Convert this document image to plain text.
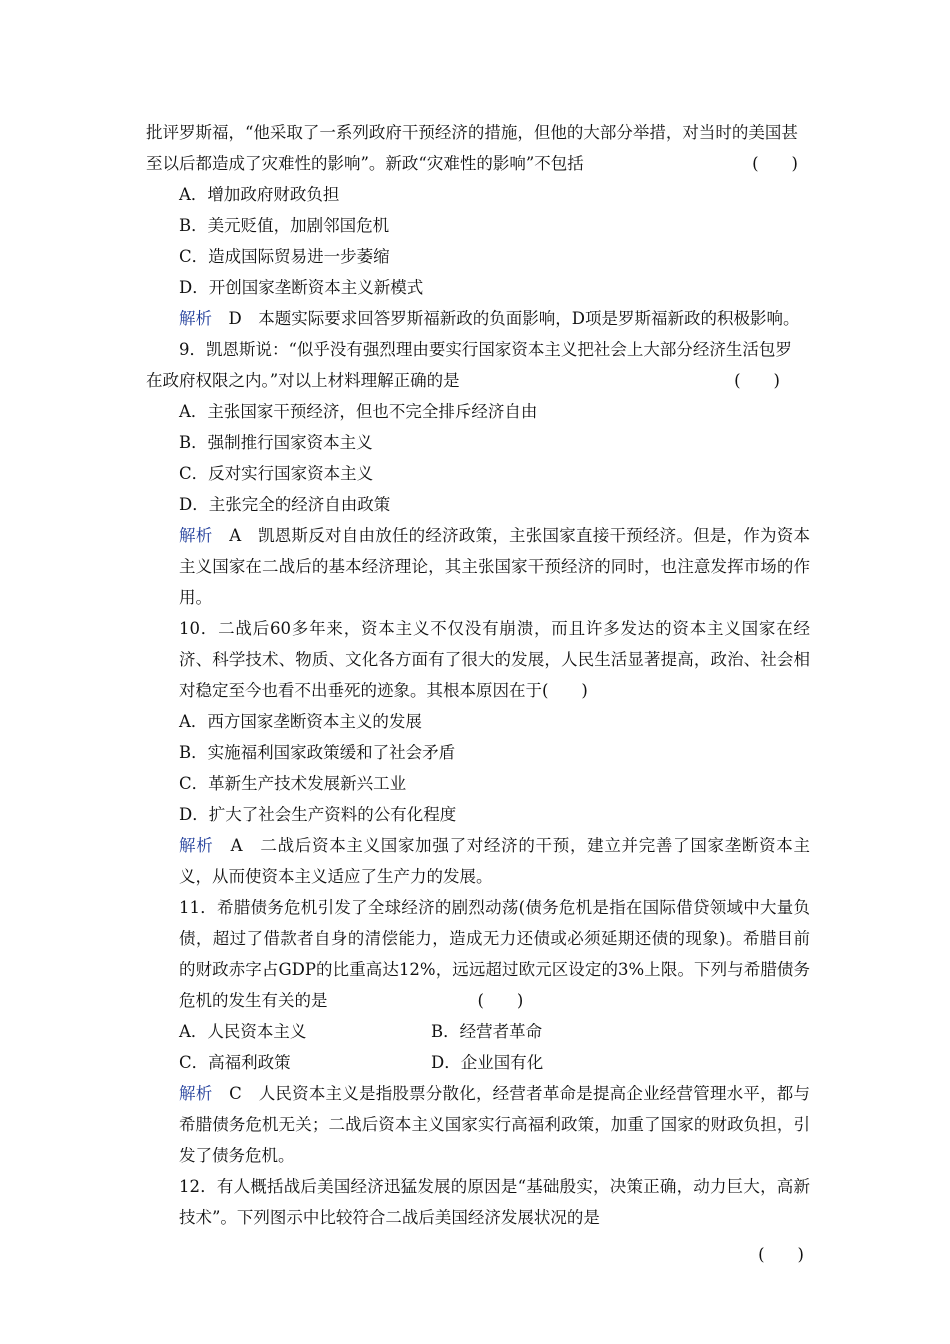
批评罗斯福，“他采取了一系列政府干预经济的措施，但他的大部分举措，对当时的美国甚
至以后都造成了灾难性的影响”。新政“灾难性的影响”不包括	(　　)
A．增加政府财政负担
B．美元贬值，加剧邻国危机
C．造成国际贸易进一步萎缩
D．开创国家垄断资本主义新模式
解析　D　本题实际要求回答罗斯福新政的负面影响，D项是罗斯福新政的积极影响。
9．凯恩斯说：“似乎没有强烈理由要实行国家资本主义把社会上大部分经济生活包罗
在政府权限之内。”对以上材料理解正确的是	(　　)
A．主张国家干预经济，但也不完全排斥经济自由
B．强制推行国家资本主义
C．反对实行国家资本主义
D．主张完全的经济自由政策
解析　A　凯恩斯反对自由放任的经济政策，主张国家直接干预经济。但是，作为资本主义国家在二战后的基本经济理论，其主张国家干预经济的同时，也注意发挥市场的作用。
10．二战后60多年来，资本主义不仅没有崩溃，而且许多发达的资本主义国家在经济、科学技术、物质、文化各方面有了很大的发展，人民生活显著提高，政治、社会相对稳定至今也看不出垂死的迹象。其根本原因在于(　　)
A．西方国家垄断资本主义的发展
B．实施福利国家政策缓和了社会矛盾
C．革新生产技术发展新兴工业
D．扩大了社会生产资料的公有化程度
解析　A　二战后资本主义国家加强了对经济的干预，建立并完善了国家垄断资本主义，从而使资本主义适应了生产力的发展。
11．希腊债务危机引发了全球经济的剧烈动荡(债务危机是指在国际借贷领域中大量负债，超过了借款者自身的清偿能力，造成无力还债或必须延期还债的现象)。希腊目前的财政赤字占GDP的比重高达12%，远远超过欧元区设定的3%上限。下列与希腊债务危机的发生有关的是	(　　)
A．人民资本主义	B．经营者革命
C．高福利政策	D．企业国有化
解析　C　人民资本主义是指股票分散化，经营者革命是提高企业经营管理水平，都与希腊债务危机无关；二战后资本主义国家实行高福利政策，加重了国家的财政负担，引发了债务危机。
12．有人概括战后美国经济迅猛发展的原因是“基础殷实，决策正确，动力巨大，高新技术”。下列图示中比较符合二战后美国经济发展状况的是
(　　)
